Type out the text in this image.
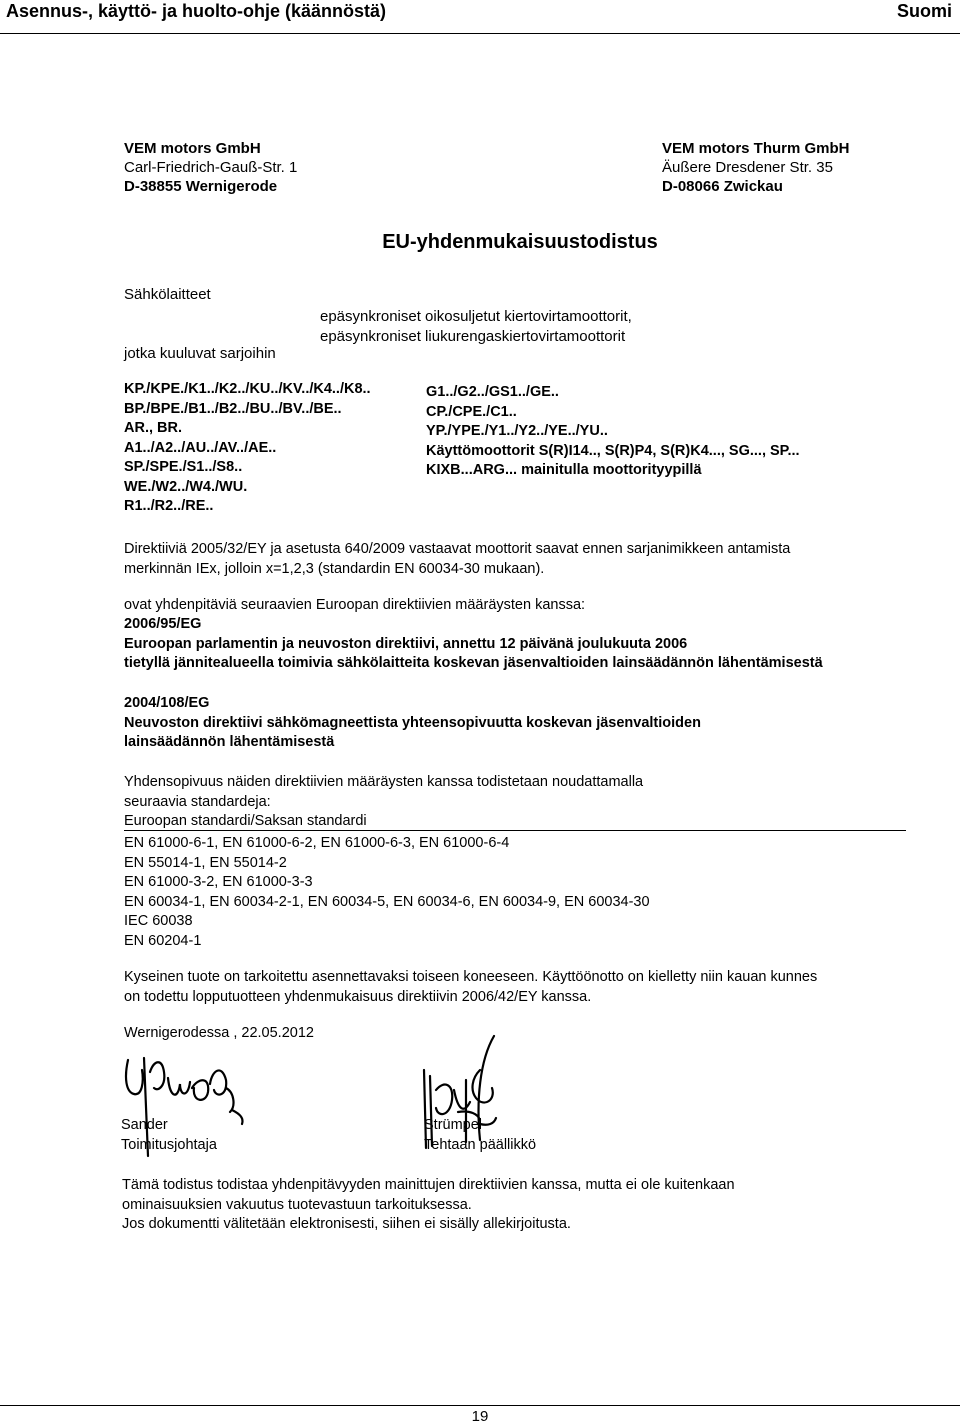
Asennus-, käyttö- ja huolto-ohje (käännöstä)	Suomi
VEM motors GmbH
Carl-Friedrich-Gauß-Str. 1
D-38855 Wernigerode
VEM motors Thurm GmbH
Äußere Dresdener Str. 35
D-08066 Zwickau
EU-yhdenmukaisuustodistus
Sähkölaitteet
jotka kuuluvat sarjoihin
epäsynkroniset oikosuljetut kiertovirtamoottorit,
epäsynkroniset liukurengaskiertovirtamoottorit
KP./KPE./K1../K2../KU../KV../K4../K8..
BP./BPE./B1../B2../BU../BV../BE..
AR., BR.
A1../A2../AU../AV../AE..
SP./SPE./S1../S8..
WE./W2../W4./WU.
R1../R2../RE..
G1../G2../GS1../GE..
CP./CPE./C1..
YP./YPE./Y1../Y2../YE../YU..
Käyttömoottorit S(R)I14.., S(R)P4, S(R)K4..., SG..., SP...
KIXB...ARG... mainitulla moottorityypillä
Direktiiviä 2005/32/EY ja asetusta 640/2009 vastaavat moottorit saavat ennen sarjanimikkeen antamista
merkinnän IEx, jolloin x=1,2,3 (standardin EN 60034-30 mukaan).
ovat yhdenpitäviä seuraavien Euroopan direktiivien määräysten kanssa:
2006/95/EG
Euroopan parlamentin ja neuvoston direktiivi, annettu 12 päivänä joulukuuta 2006
tietyllä jännitealueella toimivia sähkölaitteita koskevan jäsenvaltioiden lainsäädännön lähentämisestä
2004/108/EG
Neuvoston direktiivi sähkömagneettista yhteensopivuutta koskevan jäsenvaltioiden
lainsäädännön lähentämisestä
Yhdensopivuus näiden direktiivien määräysten kanssa todistetaan noudattamalla
seuraavia standardeja:
Euroopan standardi/Saksan standardi
EN 61000-6-1, EN 61000-6-2, EN 61000-6-3, EN 61000-6-4
EN 55014-1, EN 55014-2
EN 61000-3-2, EN 61000-3-3
EN 60034-1, EN 60034-2-1, EN 60034-5, EN 60034-6, EN 60034-9, EN 60034-30
IEC 60038
EN 60204-1
Kyseinen tuote on tarkoitettu asennettavaksi toiseen koneeseen. Käyttöönotto on kielletty niin kauan kunnes
on todettu lopputuotteen yhdenmukaisuus direktiivin 2006/42/EY kanssa.
Wernigerodessa , 22.05.2012
Sander
Toimitusjohtaja
Strümpel
Tehtaan päällikkö
Tämä todistus todistaa yhdenpitävyyden mainittujen direktiivien kanssa, mutta ei ole kuitenkaan
ominaisuuksien vakuutus tuotevastuun tarkoituksessa.
Jos dokumentti välitetään elektronisesti, siihen ei sisälly allekirjoitusta.
19
